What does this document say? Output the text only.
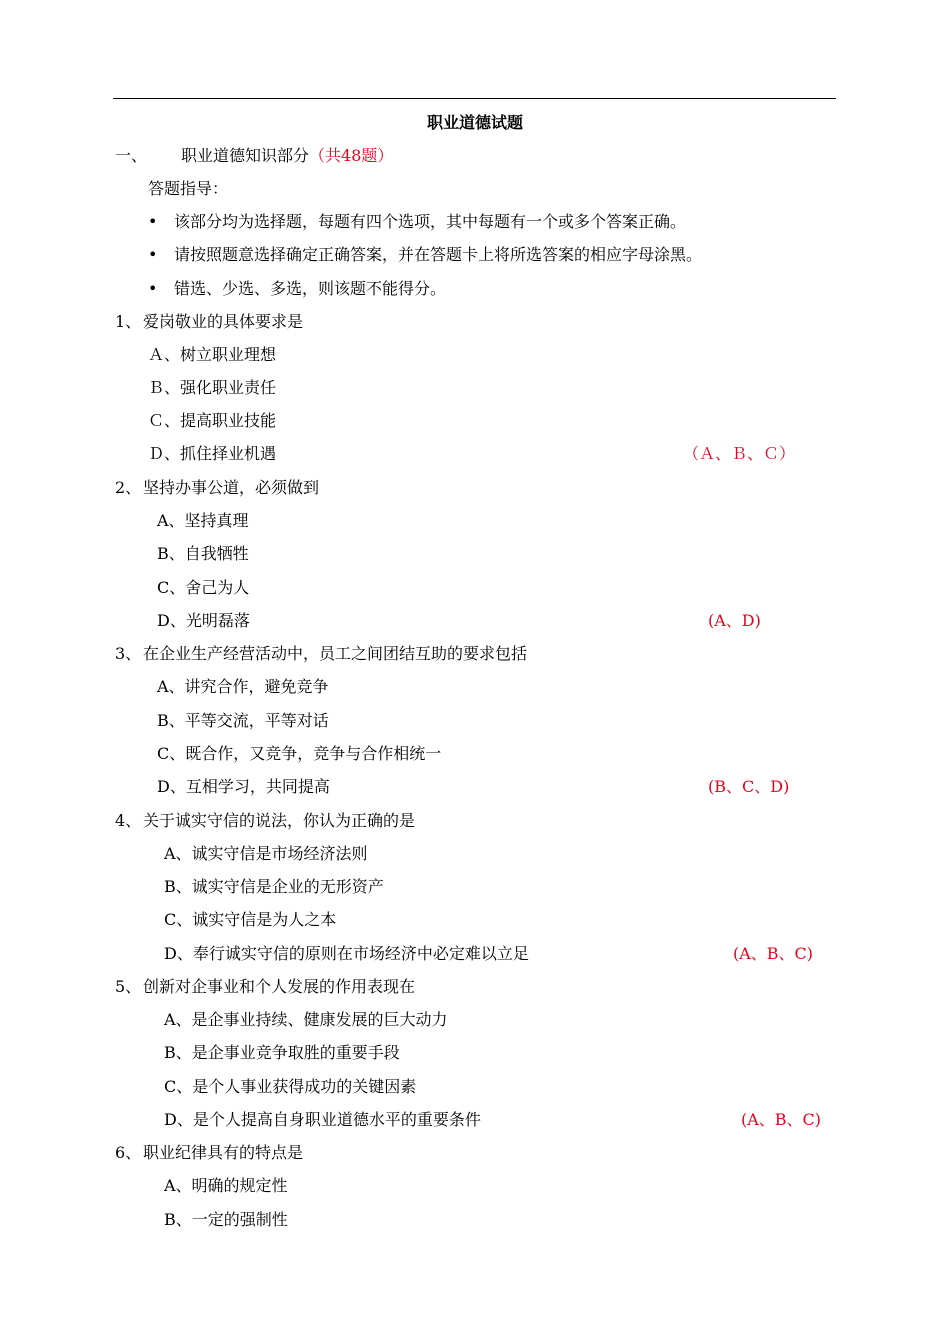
职业道德试题
一、 职业道德知识部分（共48题）
答题指导：
• 该部分均为选择题，每题有四个选项，其中每题有一个或多个答案正确。
• 请按照题意选择确定正确答案，并在答题卡上将所选答案的相应字母涂黑。
• 错选、少选、多选，则该题不能得分。
1、 爱岗敬业的具体要求是
Ａ、树立职业理想
Ｂ、强化职业责任
Ｃ、提高职业技能
Ｄ、抓住择业机遇	（Ａ、Ｂ、Ｃ）
2、 坚持办事公道，必须做到
A、坚持真理
B、自我牺牲
C、舍己为人
D、光明磊落	(A、D)
3、 在企业生产经营活动中，员工之间团结互助的要求包括
A、讲究合作，避免竞争
B、平等交流，平等对话
C、既合作，又竞争，竞争与合作相统一
D、互相学习，共同提高	(B、C、D)
4、 关于诚实守信的说法，你认为正确的是
A、诚实守信是市场经济法则
B、诚实守信是企业的无形资产
C、诚实守信是为人之本
D、奉行诚实守信的原则在市场经济中必定难以立足	(A、B、C)
5、 创新对企事业和个人发展的作用表现在
A、是企事业持续、健康发展的巨大动力
B、是企事业竞争取胜的重要手段
C、是个人事业获得成功的关键因素
D、是个人提高自身职业道德水平的重要条件	(A、B、C)
6、 职业纪律具有的特点是
A、明确的规定性
B、一定的强制性
